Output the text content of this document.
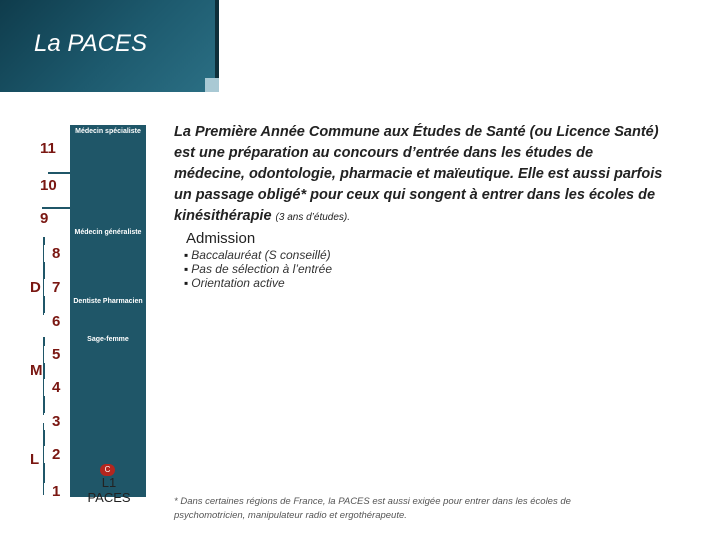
La PACES
Médecin spécialiste
Médecin généraliste
Dentiste Pharmacien
Sage-femme
11
10
9
8
7
6
5
4
3
2
1
D
M
L
C
L1
PACES
La Première Année Commune aux Études de Santé (ou Licence Santé) est une préparation au concours d’entrée dans les études de médecine, odontologie, pharmacie et maïeutique. Elle est aussi parfois un passage obligé* pour ceux qui songent à entrer dans les écoles de kinésithérapie (3 ans d’études).
Admission
▪ Baccalauréat (S conseillé)
▪ Pas de sélection à l’entrée
▪ Orientation active
* Dans certaines régions de France, la PACES est aussi exigée pour entrer dans les écoles de psychomotricien, manipulateur radio et ergothérapeute.
